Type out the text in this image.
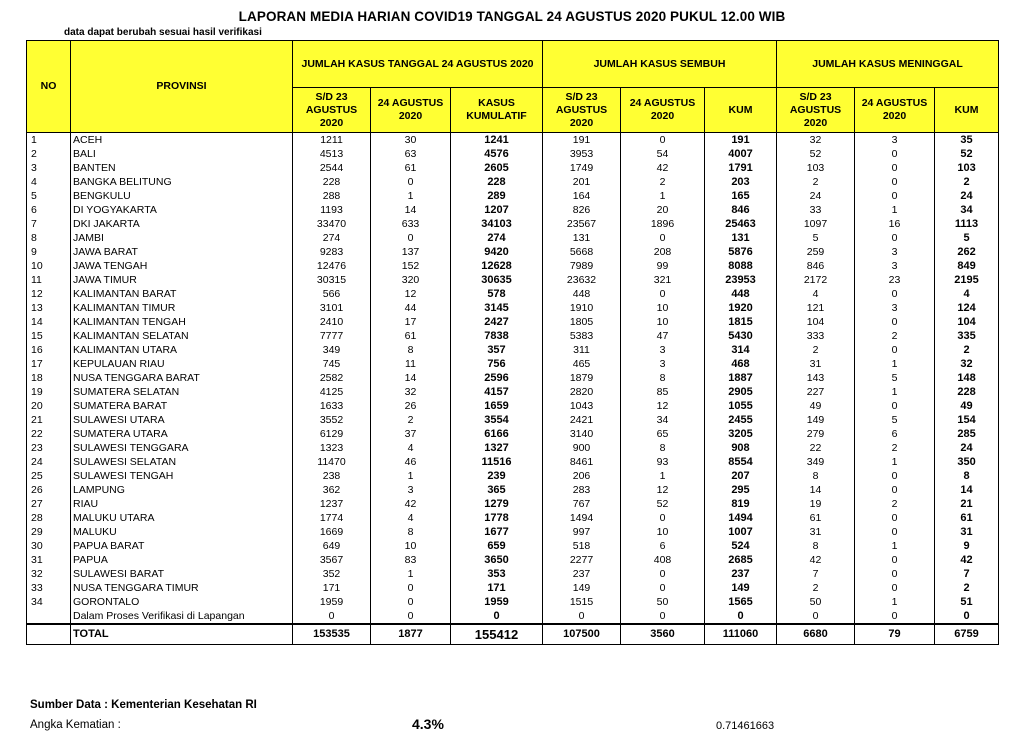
LAPORAN MEDIA HARIAN COVID19 TANGGAL 24 AGUSTUS 2020 PUKUL 12.00 WIB
data dapat berubah sesuai hasil verifikasi
NO	PROVINSI	JUMLAH KASUS TANGGAL 24 AGUSTUS 2020			JUMLAH KASUS SEMBUH			JUMLAH KASUS MENINGGAL		
		S/D 23 AGUSTUS 2020	24 AGUSTUS 2020	KASUS KUMULATIF	S/D 23 AGUSTUS 2020	24 AGUSTUS 2020	KUM	S/D 23 AGUSTUS 2020	24 AGUSTUS 2020	KUM
1	ACEH	1211	30	1241	191	0	191	32	3	35
2	BALI	4513	63	4576	3953	54	4007	52	0	52
3	BANTEN	2544	61	2605	1749	42	1791	103	0	103
4	BANGKA BELITUNG	228	0	228	201	2	203	2	0	2
5	BENGKULU	288	1	289	164	1	165	24	0	24
6	DI YOGYAKARTA	1193	14	1207	826	20	846	33	1	34
7	DKI JAKARTA	33470	633	34103	23567	1896	25463	1097	16	1113
8	JAMBI	274	0	274	131	0	131	5	0	5
9	JAWA BARAT	9283	137	9420	5668	208	5876	259	3	262
10	JAWA TENGAH	12476	152	12628	7989	99	8088	846	3	849
11	JAWA TIMUR	30315	320	30635	23632	321	23953	2172	23	2195
12	KALIMANTAN BARAT	566	12	578	448	0	448	4	0	4
13	KALIMANTAN TIMUR	3101	44	3145	1910	10	1920	121	3	124
14	KALIMANTAN TENGAH	2410	17	2427	1805	10	1815	104	0	104
15	KALIMANTAN SELATAN	7777	61	7838	5383	47	5430	333	2	335
16	KALIMANTAN UTARA	349	8	357	311	3	314	2	0	2
17	KEPULAUAN RIAU	745	11	756	465	3	468	31	1	32
18	NUSA TENGGARA BARAT	2582	14	2596	1879	8	1887	143	5	148
19	SUMATERA SELATAN	4125	32	4157	2820	85	2905	227	1	228
20	SUMATERA BARAT	1633	26	1659	1043	12	1055	49	0	49
21	SULAWESI UTARA	3552	2	3554	2421	34	2455	149	5	154
22	SUMATERA UTARA	6129	37	6166	3140	65	3205	279	6	285
23	SULAWESI TENGGARA	1323	4	1327	900	8	908	22	2	24
24	SULAWESI SELATAN	11470	46	11516	8461	93	8554	349	1	350
25	SULAWESI TENGAH	238	1	239	206	1	207	8	0	8
26	LAMPUNG	362	3	365	283	12	295	14	0	14
27	RIAU	1237	42	1279	767	52	819	19	2	21
28	MALUKU UTARA	1774	4	1778	1494	0	1494	61	0	61
29	MALUKU	1669	8	1677	997	10	1007	31	0	31
30	PAPUA BARAT	649	10	659	518	6	524	8	1	9
31	PAPUA	3567	83	3650	2277	408	2685	42	0	42
32	SULAWESI BARAT	352	1	353	237	0	237	7	0	7
33	NUSA TENGGARA TIMUR	171	0	171	149	0	149	2	0	2
34	GORONTALO	1959	0	1959	1515	50	1565	50	1	51
	Dalam Proses Verifikasi di Lapangan	0	0	0	0	0	0	0	0	0
	TOTAL	153535	1877	155412	107500	3560	111060	6680	79	6759
Sumber Data : Kementerian Kesehatan RI
Angka Kematian :	4.3%	0.71461663
